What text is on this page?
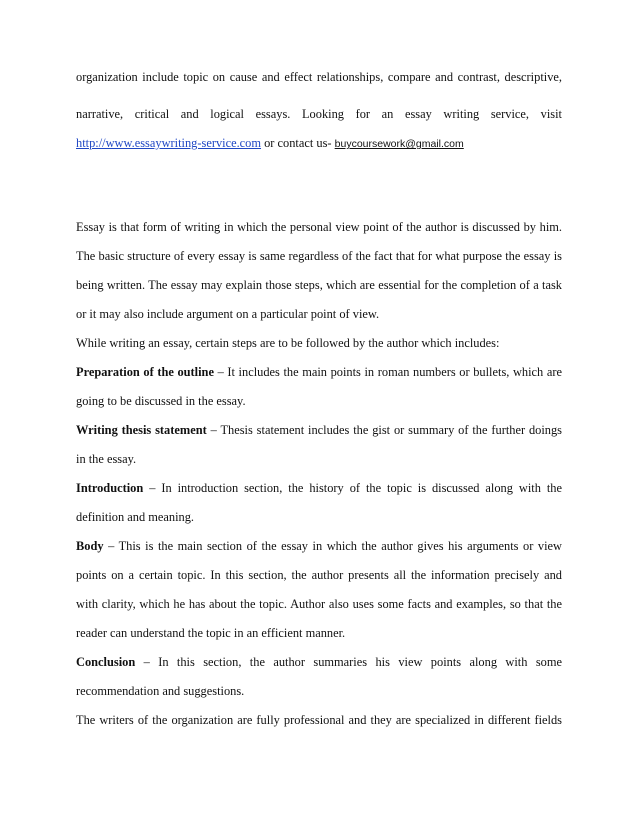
organization include topic on cause and effect relationships, compare and contrast, descriptive,
narrative, critical and logical essays. Looking for an essay writing service, visit
http://www.essaywriting-service.com or contact us- buycoursework@gmail.com
Essay is that form of writing in which the personal view point of the author is discussed by him.
The basic structure of every essay is same regardless of the fact that for what purpose the essay is
being written. The essay may explain those steps, which are essential for the completion of a task
or it may also include argument on a particular point of view.
While writing an essay, certain steps are to be followed by the author which includes:
Preparation of the outline – It includes the main points in roman numbers or bullets, which are
going to be discussed in the essay.
Writing thesis statement – Thesis statement includes the gist or summary of the further doings
in the essay.
Introduction – In introduction section, the history of the topic is discussed along with the
definition and meaning.
Body – This is the main section of the essay in which the author gives his arguments or view
points on a certain topic. In this section, the author presents all the information precisely and
with clarity, which he has about the topic. Author also uses some facts and examples, so that the
reader can understand the topic in an efficient manner.
Conclusion – In this section, the author summaries his view points along with some
recommendation and suggestions.
The writers of the organization are fully professional and they are specialized in different fields
